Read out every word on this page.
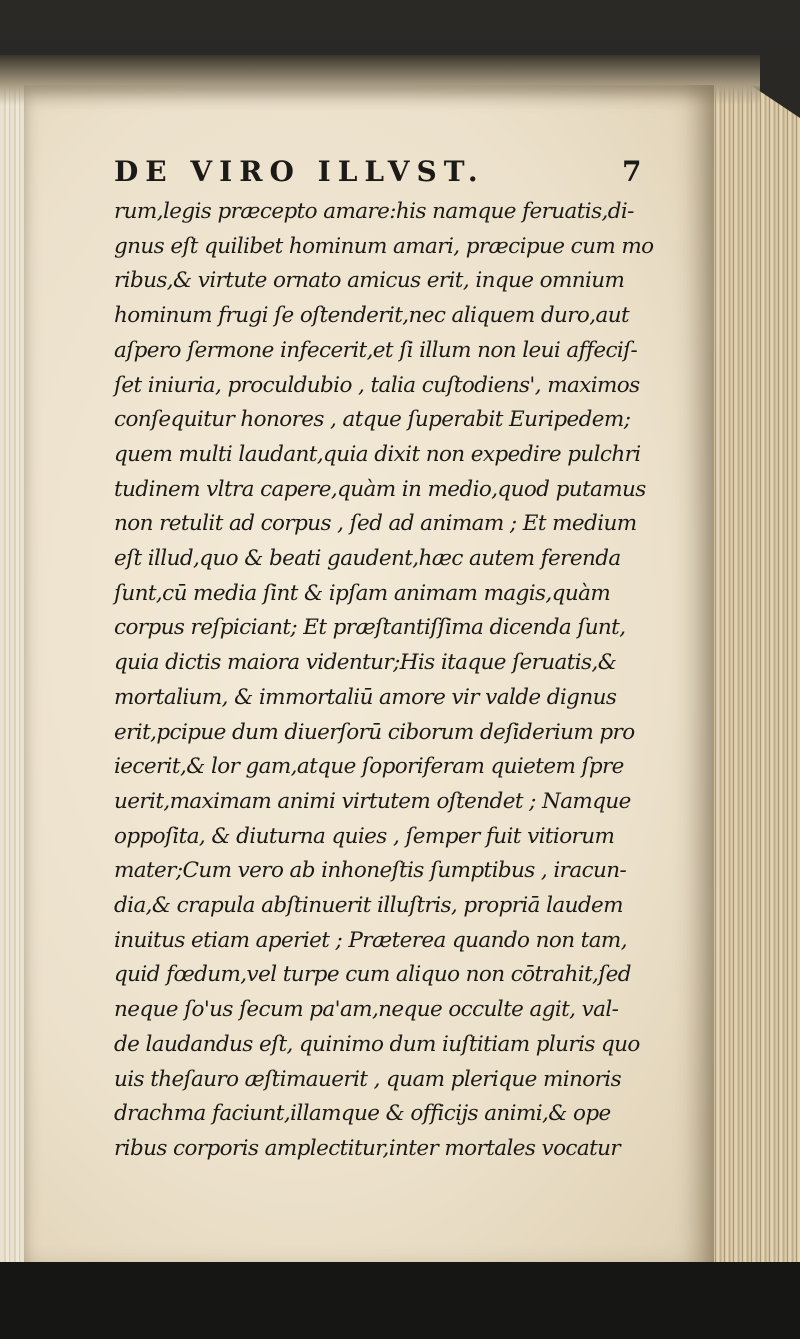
DE VIRO ILLVST.	7
rum,legis præcepto amare:his namque feruatis,di-
gnus eſt quilibet hominum amari, præcipue cum mo
ribus,& virtute ornato amicus erit, inque omnium
hominum frugi ſe oſtenderit,nec aliquem duro,aut
aſpero ſermone infecerit,et ſi illum non leui affeciſ-
ſet iniuria, proculdubio , talia cuſtodiens', maximos
conſequitur honores , atque ſuperabit Euripedem;
quem multi laudant,quia dixit non expedire pulchri
tudinem vltra capere,quàm in medio,quod putamus
non retulit ad corpus , ſed ad animam ; Et medium
eſt illud,quo & beati gaudent,hæc autem ferenda
ſunt,cū media ſint & ipſam animam magis,quàm
corpus reſpiciant; Et præſtantiſſima dicenda ſunt,
quia dictis maiora videntur;His itaque ſeruatis,&
mortalium, & immortaliū amore vir valde dignus
erit,pcipue dum diuerſorū ciborum deſiderium pro
iecerit,& lor gam,atque ſoporiferam quietem ſpre
uerit,maximam animi virtutem oſtendet ; Namque
oppoſita, & diuturna quies , ſemper fuit vitiorum
mater;Cum vero ab inhoneſtis ſumptibus , iracun-
dia,& crapula abſtinuerit illuſtris, propriā laudem
inuitus etiam aperiet ; Præterea quando non tam,
quid fœdum,vel turpe cum aliquo non cōtrahit,ſed
neque ſo'us ſecum pa'am,neque occulte agit, val-
de laudandus eſt, quinimo dum iuſtitiam pluris quo
uis theſauro æſtimauerit , quam plerique minoris
drachma faciunt,illamque & officijs animi,& ope
ribus corporis amplectitur,inter mortales vocatur
